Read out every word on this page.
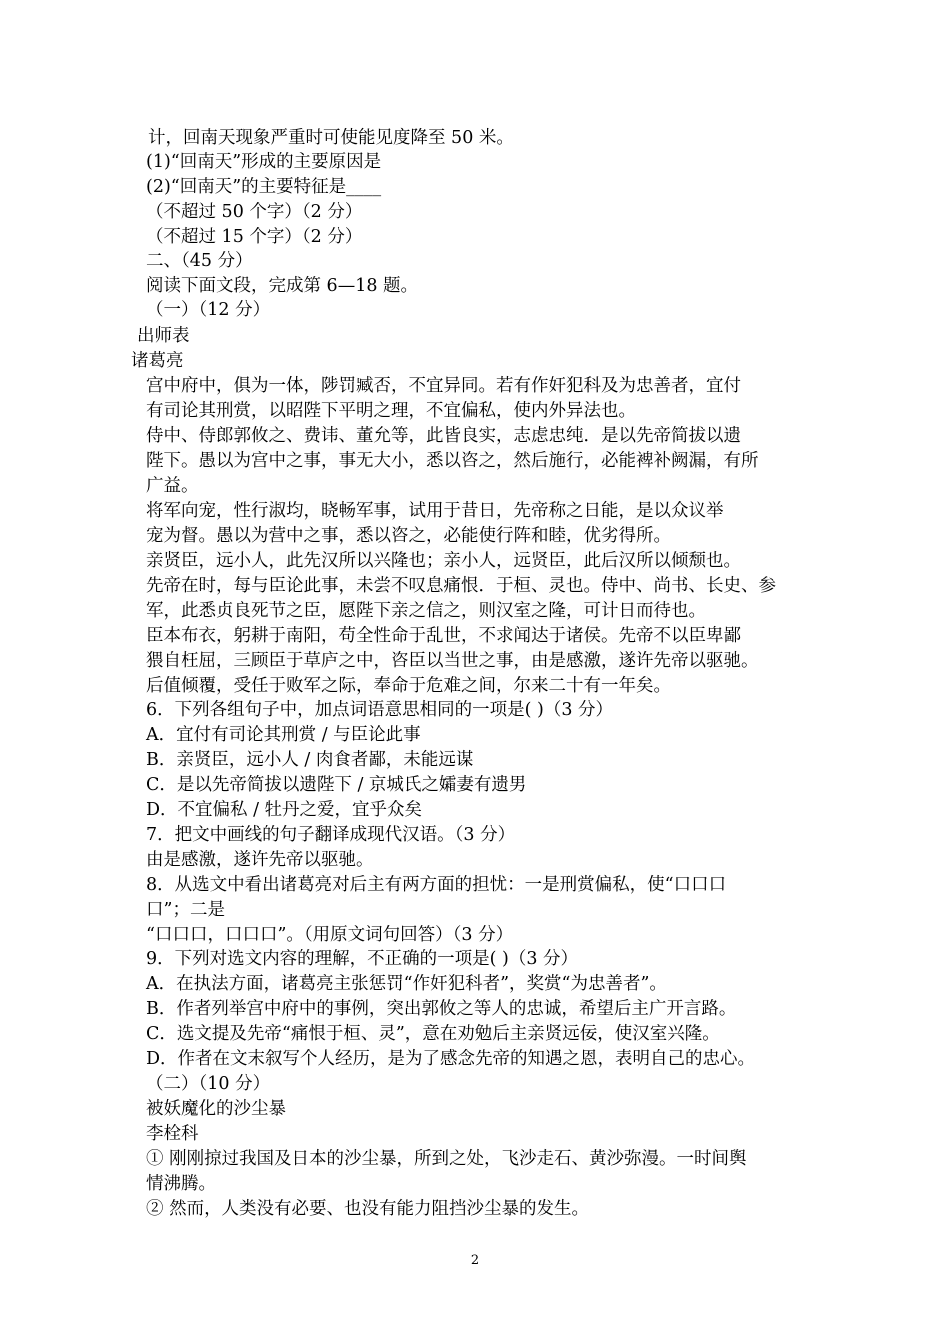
计，回南天现象严重时可使能见度降至 50 米。
(1)“回南天”形成的主要原因是
(2)“回南天”的主要特征是____
（不超过 50 个字）（2 分）
（不超过 15 个字）（2 分）
二、（45 分）
阅读下面文段，完成第 6—18 题。
（一）（12 分）
出师表
诸葛亮
宫中府中，俱为一体，陟罚臧否，不宜异同。若有作奸犯科及为忠善者，宜付
有司论其刑赏，以昭陛下平明之理，不宜偏私，使内外异法也。
侍中、侍郎郭攸之、费讳、董允等，此皆良实，志虑忠纯．是以先帝简拔以遗
陛下。愚以为宫中之事，事无大小，悉以咨之，然后施行，必能裨补阙漏，有所
广益。
将军向宠，性行淑均，晓畅军事，试用于昔日，先帝称之日能，是以众议举
宠为督。愚以为营中之事，悉以咨之，必能使行阵和睦，优劣得所。
亲贤臣，远小人，此先汉所以兴隆也；亲小人，远贤臣，此后汉所以倾颓也。
先帝在时，每与臣论此事，未尝不叹息痛恨．于桓、灵也。侍中、尚书、长史、参
军，此悉贞良死节之臣，愿陛下亲之信之，则汉室之隆，可计日而待也。
臣本布衣，躬耕于南阳，苟全性命于乱世，不求闻达于诸侯。先帝不以臣卑鄙
猥自枉屈，三顾臣于草庐之中，咨臣以当世之事，由是感激，遂许先帝以驱驰。
后值倾覆，受任于败军之际，奉命于危难之间，尔来二十有一年矣。
6．下列各组句子中，加点词语意思相同的一项是( )（3 分）
A．宜付有司论其刑赏 / 与臣论此事
B．亲贤臣，远小人 / 肉食者鄙，未能远谋
C．是以先帝简拔以遗陛下 / 京城氏之孀妻有遗男
D．不宜偏私 / 牡丹之爱，宜乎众矣
7．把文中画线的句子翻译成现代汉语。（3 分）
由是感激，遂许先帝以驱驰。
8．从选文中看出诸葛亮对后主有两方面的担忧：一是刑赏偏私，使“口口口
口”；二是
“口口口，口口口”。（用原文词句回答）（3 分）
9．下列对选文内容的理解，不正确的一项是( )（3 分）
A．在执法方面，诸葛亮主张惩罚“作奸犯科者”，奖赏“为忠善者”。
B．作者列举宫中府中的事例，突出郭攸之等人的忠诚，希望后主广开言路。
C．选文提及先帝“痛恨于桓、灵”，意在劝勉后主亲贤远佞，使汉室兴隆。
D．作者在文末叙写个人经历，是为了感念先帝的知遇之恩，表明自己的忠心。
（二）（10 分）
被妖魔化的沙尘暴
李栓科
① 刚刚掠过我国及日本的沙尘暴，所到之处，飞沙走石、黄沙弥漫。一时间舆
情沸腾。
② 然而，人类没有必要、也没有能力阻挡沙尘暴的发生。
2
